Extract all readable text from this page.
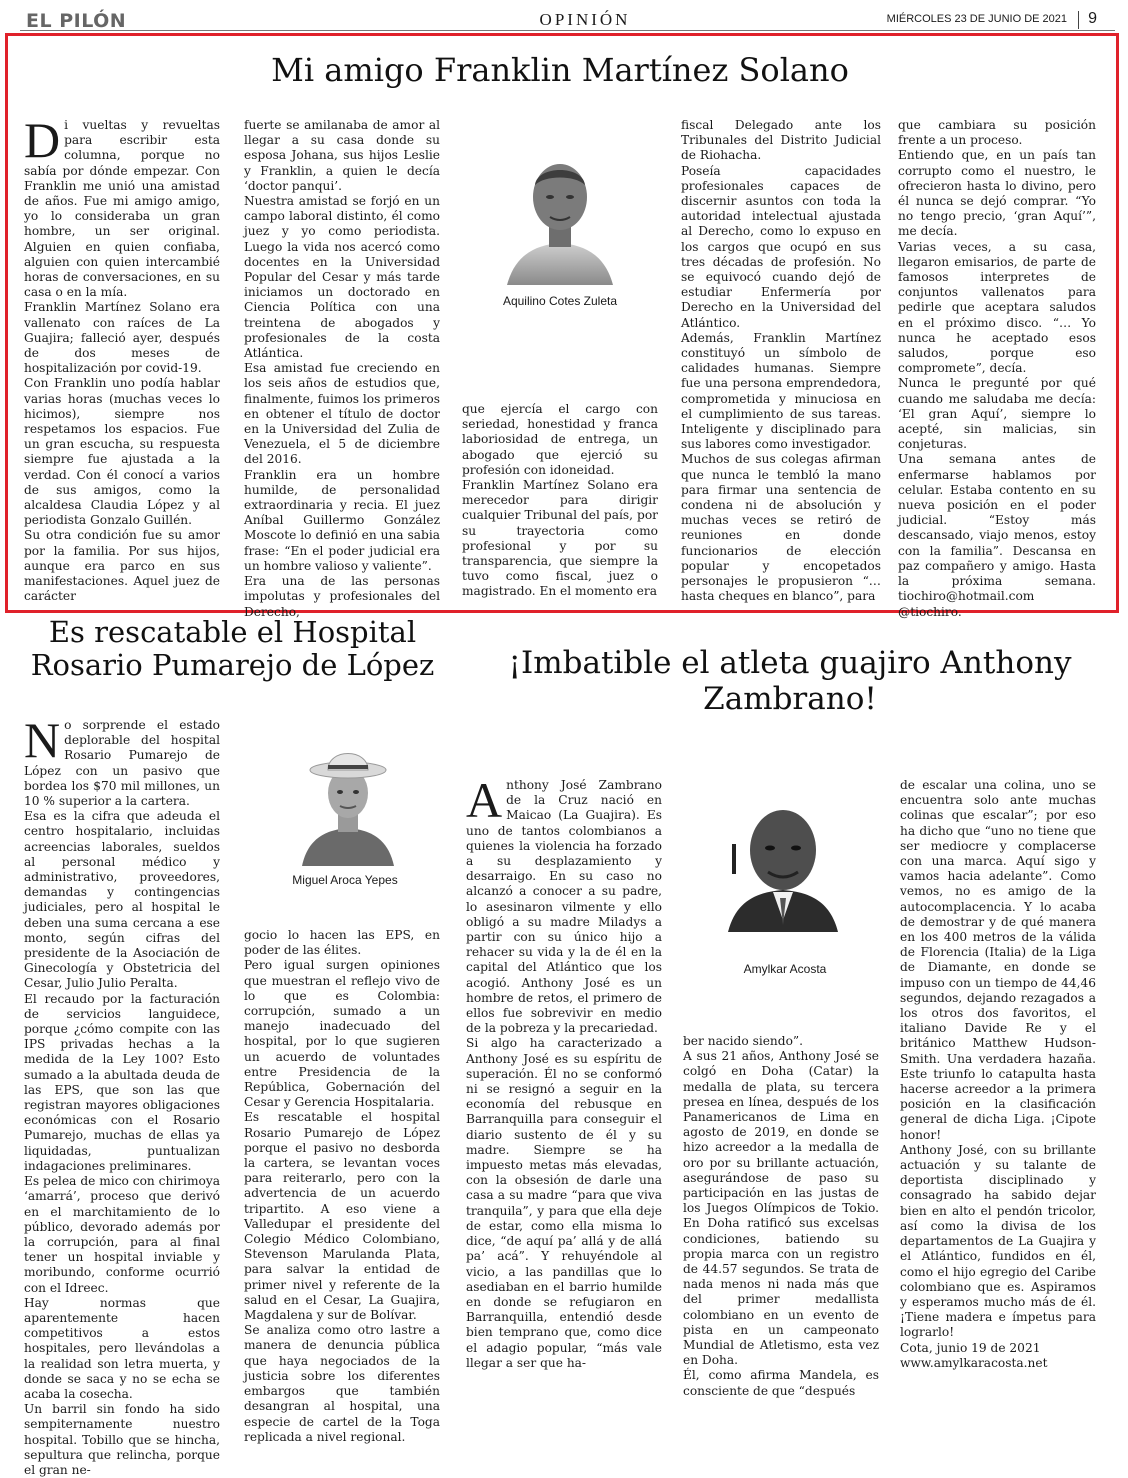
EL PILÓN	OPINIÓN	MIÉRCOLES 23 DE JUNIO DE 2021 9
Mi amigo Franklin Martínez Solano
D i vueltas y revueltas para escribir esta columna, porque no sabía por dónde empezar. Con Franklin me unió una amistad de años. Fue mi amigo amigo, yo lo consideraba un gran hombre, un ser original. Alguien en quien confiaba, alguien con quien intercambié horas de conversaciones, en su casa o en la mía.

Franklin Martínez Solano era vallenato con raíces de La Guajira; falleció ayer, después de dos meses de hospitalización por covid-19.

Con Franklin uno podía hablar varias horas (muchas veces lo hicimos), siempre nos respetamos los espacios. Fue un gran escucha, su respuesta siempre fue ajustada a la verdad. Con él conocí a varios de sus amigos, como la alcaldesa Claudia López y al periodista Gonzalo Guillén.

Su otra condición fue su amor por la familia. Por sus hijos, aunque era parco en sus manifestaciones. Aquel juez de carácter

fuerte se amilanaba de amor al llegar a su casa donde su esposa Johana, sus hijos Leslie y Franklin, a quien le decía ‘doctor panqui’.

Nuestra amistad se forjó en un campo laboral distinto, él como juez y yo como periodista. Luego la vida nos acercó como docentes en la Universidad Popular del Cesar y más tarde iniciamos un doctorado en Ciencia Política con una treintena de abogados y profesionales de la costa Atlántica.

Esa amistad fue creciendo en los seis años de estudios que, finalmente, fuimos los primeros en obtener el título de doctor en la Universidad del Zulia de Venezuela, el 5 de diciembre del 2016.

Franklin era un hombre humilde, de personalidad extraordinaria y recia. El juez Aníbal Guillermo González Moscote lo definió en una sabia frase: “En el poder judicial era un hombre valioso y valiente”.

Era una de las personas impolutas y profesionales del Derecho,

Aquilino Cotes Zuleta
que ejercía el cargo con seriedad, honestidad y franca laboriosidad de entrega, un abogado que ejerció su profesión con idoneidad.

Franklin Martínez Solano era merecedor para dirigir cualquier Tribunal del país, por su trayectoria como profesional y por su transparencia, que siempre la tuvo como fiscal, juez o magistrado. En el momento era

fiscal Delegado ante los Tribunales del Distrito Judicial de Riohacha.

Poseía capacidades profesionales capaces de discernir asuntos con toda la autoridad intelectual ajustada al Derecho, como lo expuso en los cargos que ocupó en sus tres décadas de profesión. No se equivocó cuando dejó de estudiar Enfermería por Derecho en la Universidad del Atlántico.

Además, Franklin Martínez constituyó un símbolo de calidades humanas. Siempre fue una persona emprendedora, comprometida y minuciosa en el cumplimiento de sus tareas. Inteligente y disciplinado para sus labores como investigador.

Muchos de sus colegas afirman que nunca le tembló la mano para firmar una sentencia de condena ni de absolución y muchas veces se retiró de reuniones en donde funcionarios de elección popular y encopetados personajes le propusieron “… hasta cheques en blanco”, para

que cambiara su posición frente a un proceso.

Entiendo que, en un país tan corrupto como el nuestro, le ofrecieron hasta lo divino, pero él nunca se dejó comprar. “Yo no tengo precio, ‘gran Aquí’”, me decía.

Varias veces, a su casa, llegaron emisarios, de parte de famosos interpretes de conjuntos vallenatos para pedirle que aceptara saludos en el próximo disco. “… Yo nunca he aceptado esos saludos, porque eso compromete”, decía.

Nunca le pregunté por qué cuando me saludaba me decía: ‘El gran Aquí’, siempre lo acepté, sin malicias, sin conjeturas.

Una semana antes de enfermarse hablamos por celular. Estaba contento en su nueva posición en el poder judicial. “Estoy más descansado, viajo menos, estoy con la familia”. Descansa en paz compañero y amigo. Hasta la próxima semana. tiochiro@hotmail.com @tiochiro.

Es rescatable el Hospital Rosario Pumarejo de López
N o sorprende el estado deplorable del hospital Rosario Pumarejo de López con un pasivo que bordea los $70 mil millones, un 10 % superior a la cartera.

Esa es la cifra que adeuda el centro hospitalario, incluidas acreencias laborales, sueldos al personal médico y administrativo, proveedores, demandas y contingencias judiciales, pero al hospital le deben una suma cercana a ese monto, según cifras del presidente de la Asociación de Ginecología y Obstetricia del Cesar, Julio Julio Peralta.

El recaudo por la facturación de servicios languidece, porque ¿cómo compite con las IPS privadas hechas a la medida de la Ley 100? Esto sumado a la abultada deuda de las EPS, que son las que registran mayores obligaciones económicas con el Rosario Pumarejo, muchas de ellas ya liquidadas, puntualizan indagaciones preliminares.

Es pelea de mico con chirimoya ‘amarrá’, proceso que derivó en el marchitamiento de lo público, devorado además por la corrupción, para al final tener un hospital inviable y moribundo, conforme ocurrió con el Idreec.

Hay normas que aparentemente hacen competitivos a estos hospitales, pero llevándolas a la realidad son letra muerta, y donde se saca y no se echa se acaba la cosecha.

Un barril sin fondo ha sido sempiternamente nuestro hospital. Tobillo que se hincha, sepultura que relincha, porque el gran ne-

Miguel Aroca Yepes
gocio lo hacen las EPS, en poder de las élites.

Pero igual surgen opiniones que muestran el reflejo vivo de lo que es Colombia: corrupción, sumado a un manejo inadecuado del hospital, por lo que sugieren un acuerdo de voluntades entre Presidencia de la República, Gobernación del Cesar y Gerencia Hospitalaria.

Es rescatable el hospital Rosario Pumarejo de López porque el pasivo no desborda la cartera, se levantan voces para reiterarlo, pero con la advertencia de un acuerdo tripartito. A eso viene a Valledupar el presidente del Colegio Médico Colombiano, Stevenson Marulanda Plata, para salvar la entidad de primer nivel y referente de la salud en el Cesar, La Guajira, Magdalena y sur de Bolívar.

Se analiza como otro lastre a manera de denuncia pública que haya negociados de la justicia sobre los diferentes embargos que también desangran al hospital, una especie de cartel de la Toga replicada a nivel regional.

¡Imbatible el atleta guajiro Anthony Zambrano!
A nthony José Zambrano de la Cruz nació en Maicao (La Guajira). Es uno de tantos colombianos a quienes la violencia ha forzado a su desplazamiento y desarraigo. En su caso no alcanzó a conocer a su padre, lo asesinaron vilmente y ello obligó a su madre Miladys a partir con su único hijo a rehacer su vida y la de él en la capital del Atlántico que los acogió. Anthony José es un hombre de retos, el primero de ellos fue sobrevivir en medio de la pobreza y la precariedad.

Si algo ha caracterizado a Anthony José es su espíritu de superación. Él no se conformó ni se resignó a seguir en la economía del rebusque en Barranquilla para conseguir el diario sustento de él y su madre. Siempre se ha impuesto metas más elevadas, con la obsesión de darle una casa a su madre “para que viva tranquila”, y para que ella deje de estar, como ella misma lo dice, “de aquí pa’ allá y de allá pa’ acá”. Y rehuyéndole al vicio, a las pandillas que lo asediaban en el barrio humilde en donde se refugiaron en Barranquilla, entendió desde bien temprano que, como dice el adagio popular, “más vale llegar a ser que ha-

Amylkar Acosta
ber nacido siendo”.

A sus 21 años, Anthony José se colgó en Doha (Catar) la medalla de plata, su tercera presea en línea, después de los Panamericanos de Lima en agosto de 2019, en donde se hizo acreedor a la medalla de oro por su brillante actuación, asegurándose de paso su participación en las justas de los Juegos Olímpicos de Tokio. En Doha ratificó sus excelsas condiciones, batiendo su propia marca con un registro de 44.57 segundos. Se trata de nada menos ni nada más que del primer medallista colombiano en un evento de pista en un campeonato Mundial de Atletismo, esta vez en Doha.

Él, como afirma Mandela, es consciente de que “después

de escalar una colina, uno se encuentra solo ante muchas colinas que escalar”; por eso ha dicho que “uno no tiene que ser mediocre y complacerse con una marca. Aquí sigo y vamos hacia adelante”. Como vemos, no es amigo de la autocomplacencia. Y lo acaba de demostrar y de qué manera en los 400 metros de la válida de Florencia (Italia) de la Liga de Diamante, en donde se impuso con un tiempo de 44,46 segundos, dejando rezagados a los otros dos favoritos, el italiano Davide Re y el británico Matthew Hudson-Smith. Una verdadera hazaña. Este triunfo lo catapulta hasta hacerse acreedor a la primera posición en la clasificación general de dicha Liga. ¡Cipote honor!

Anthony José, con su brillante actuación y su talante de deportista disciplinado y consagrado ha sabido dejar bien en alto el pendón tricolor, así como la divisa de los departamentos de La Guajira y el Atlántico, fundidos en él, como el hijo egregio del Caribe colombiano que es. Aspiramos y esperamos mucho más de él. ¡Tiene madera e ímpetus para lograrlo!

Cota, junio 19 de 2021

www.amylkaracosta.net
